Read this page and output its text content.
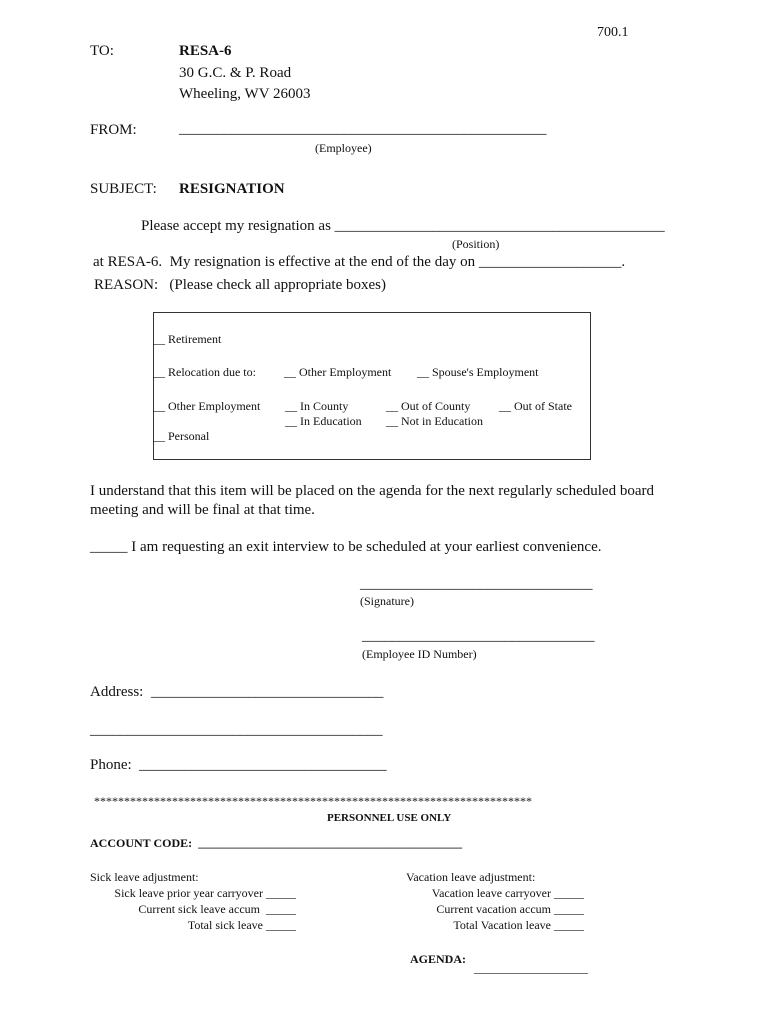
700.1
TO:	RESA-6
30 G.C. & P. Road
Wheeling, WV 26003
FROM:	_________________________________________________
(Employee)
SUBJECT: RESIGNATION
Please accept my resignation as ____________________________________________
(Position)
at RESA-6.  My resignation is effective at the end of the day on ___________________.
REASON:   (Please check all appropriate boxes)
__ Retirement
__ Relocation due to: __ Other Employment __ Spouse's Employment
__ Other Employment __ In County	__ Out of County __ Out of State
__ In Education __ Not in Education
__ Personal
I understand that this item will be placed on the agenda for the next regularly scheduled board
meeting and will be final at that time.
_____ I am requesting an exit interview to be scheduled at your earliest convenience.
_______________________________
(Signature)
_______________________________
(Employee ID Number)
Address:  _______________________________
_______________________________________
Phone:  _________________________________
*************************************************************************
PERSONNEL USE ONLY
ACCOUNT CODE:  ____________________________________________
Sick leave adjustment:
Sick leave prior year carryover _____
Current sick leave accum  _____
Total sick leave _____
Vacation leave adjustment:
Vacation leave carryover _____
Current vacation accum _____
Total Vacation leave _____
AGENDA:
___________________
